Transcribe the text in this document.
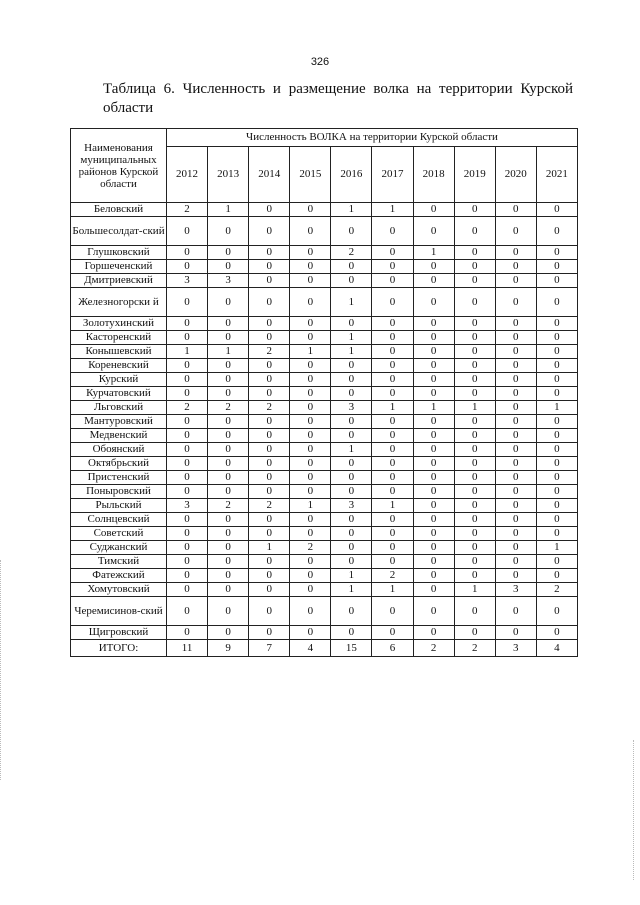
326
Таблица 6. Численность и размещение волка на территории Курской области
Наименования муниципальных районов Курской области	Численность ВОЛКА на территории Курской области									
	2012	2013	2014	2015	2016	2017	2018	2019	2020	2021
Беловский	2	1	0	0	1	1	0	0	0	0
Большесолдат-ский	0	0	0	0	0	0	0	0	0	0
Глушковский	0	0	0	0	2	0	1	0	0	0
Горшеченский	0	0	0	0	0	0	0	0	0	0
Дмитриевский	3	3	0	0	0	0	0	0	0	0
Железногорски й	0	0	0	0	1	0	0	0	0	0
Золотухинский	0	0	0	0	0	0	0	0	0	0
Касторенский	0	0	0	0	1	0	0	0	0	0
Конышевский	1	1	2	1	1	0	0	0	0	0
Кореневский	0	0	0	0	0	0	0	0	0	0
Курский	0	0	0	0	0	0	0	0	0	0
Курчатовский	0	0	0	0	0	0	0	0	0	0
Льговский	2	2	2	0	3	1	1	1	0	1
Мантуровский	0	0	0	0	0	0	0	0	0	0
Медвенский	0	0	0	0	0	0	0	0	0	0
Обоянский	0	0	0	0	1	0	0	0	0	0
Октябрьский	0	0	0	0	0	0	0	0	0	0
Пристенский	0	0	0	0	0	0	0	0	0	0
Поныровский	0	0	0	0	0	0	0	0	0	0
Рыльский	3	2	2	1	3	1	0	0	0	0
Солнцевский	0	0	0	0	0	0	0	0	0	0
Советский	0	0	0	0	0	0	0	0	0	0
Суджанский	0	0	1	2	0	0	0	0	0	1
Тимский	0	0	0	0	0	0	0	0	0	0
Фатежский	0	0	0	0	1	2	0	0	0	0
Хомутовский	0	0	0	0	1	1	0	1	3	2
Черемисинов-ский	0	0	0	0	0	0	0	0	0	0
Щигровский	0	0	0	0	0	0	0	0	0	0
ИТОГО:	11	9	7	4	15	6	2	2	3	4
